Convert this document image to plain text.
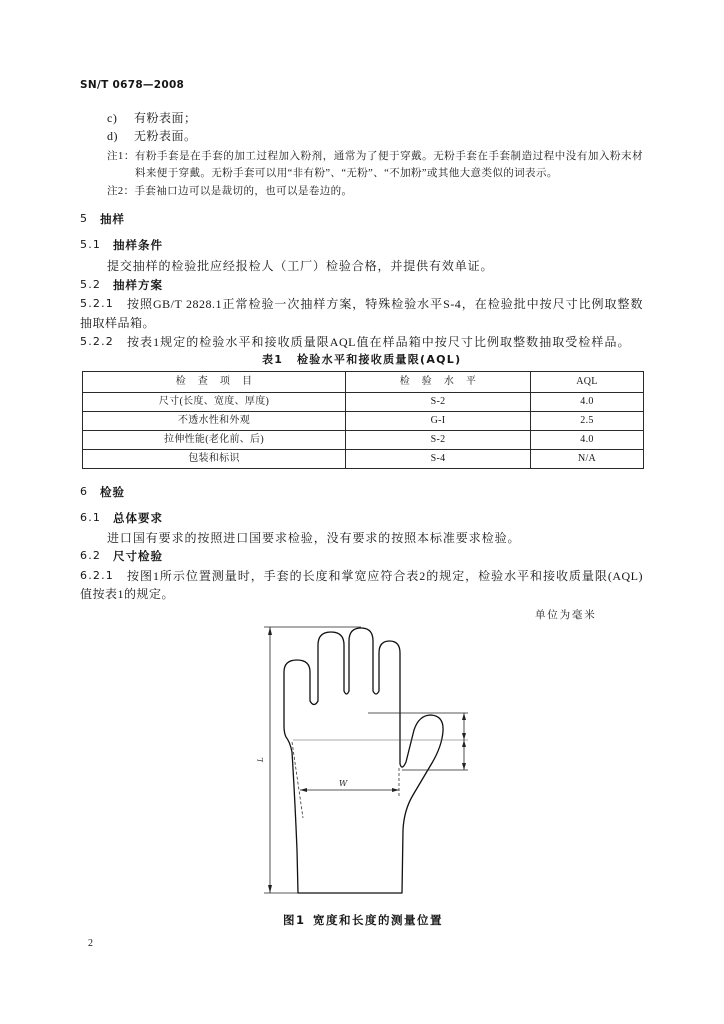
SN/T 0678—2008
c) 有粉表面；
d) 无粉表面。
注1：有粉手套是在手套的加工过程加入粉剂，通常为了便于穿戴。无粉手套在手套制造过程中没有加入粉末材
料来便于穿戴。无粉手套可以用“非有粉”、“无粉”、“不加粉”或其他大意类似的词表示。
注2：手套袖口边可以是裁切的，也可以是卷边的。
5 抽样
5.1 抽样条件
提交抽样的检验批应经报检人（工厂）检验合格，并提供有效单证。
5.2 抽样方案
5.2.1 按照GB/T 2828.1正常检验一次抽样方案，特殊检验水平S-4，在检验批中按尺寸比例取整数
抽取样品箱。
5.2.2 按表1规定的检验水平和接收质量限AQL值在样品箱中按尺寸比例取整数抽取受检样品。
表1 检验水平和接收质量限(AQL)
检 查 项 目	检 验 水 平	AQL
尺寸(长度、宽度、厚度)	S-2	4.0
不透水性和外观	G-I	2.5
拉伸性能(老化前、后)	S-2	4.0
包装和标识	S-4	N/A
6 检验
6.1 总体要求
进口国有要求的按照进口国要求检验，没有要求的按照本标准要求检验。
6.2 尺寸检验
6.2.1 按图1所示位置测量时，手套的长度和掌宽应符合表2的规定，检验水平和接收质量限(AQL)
值按表1的规定。
单位为毫米
L
W
图1 宽度和长度的测量位置
2
